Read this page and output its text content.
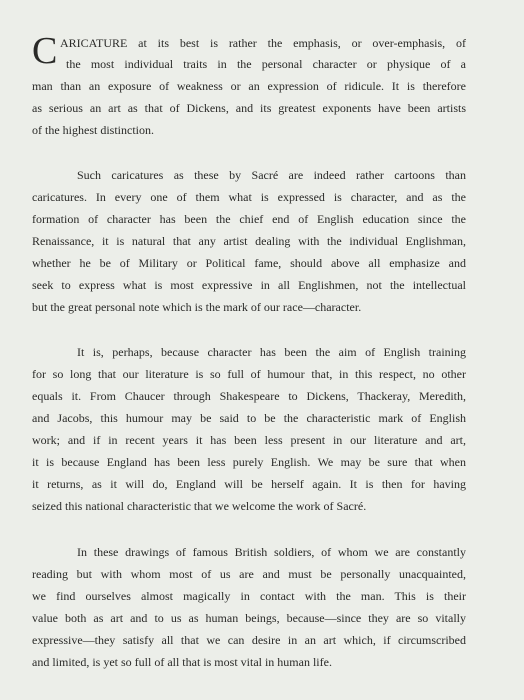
C ARICATURE at its best is rather the emphasis, or over-emphasis, of
the most individual traits in the personal character or physique of a
man than an exposure of weakness or an expression of ridicule. It is therefore
as serious an art as that of Dickens, and its greatest exponents have been artists
of the highest distinction.
Such caricatures as these by Sacré are indeed rather cartoons than
caricatures. In every one of them what is expressed is character, and as the
formation of character has been the chief end of English education since the
Renaissance, it is natural that any artist dealing with the individual Englishman,
whether he be of Military or Political fame, should above all emphasize and
seek to express what is most expressive in all Englishmen, not the intellectual
but the great personal note which is the mark of our race—character.
It is, perhaps, because character has been the aim of English training
for so long that our literature is so full of humour that, in this respect, no other
equals it. From Chaucer through Shakespeare to Dickens, Thackeray, Meredith,
and Jacobs, this humour may be said to be the characteristic mark of English
work; and if in recent years it has been less present in our literature and art,
it is because England has been less purely English. We may be sure that when
it returns, as it will do, England will be herself again. It is then for having
seized this national characteristic that we welcome the work of Sacré.
In these drawings of famous British soldiers, of whom we are constantly
reading but with whom most of us are and must be personally unacquainted,
we find ourselves almost magically in contact with the man. This is their
value both as art and to us as human beings, because—since they are so vitally
expressive—they satisfy all that we can desire in an art which, if circumscribed
and limited, is yet so full of all that is most vital in human life.
